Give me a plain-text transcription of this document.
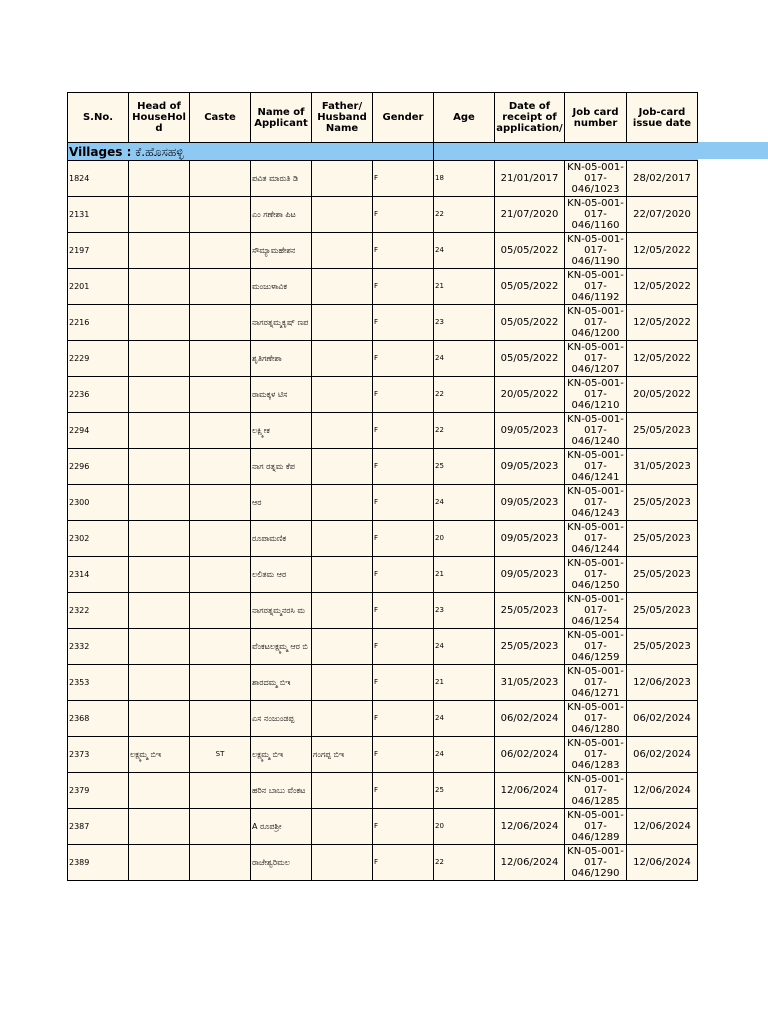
S.No.	Head of HouseHold	Caste	Name of Applicant	Father/ Husband Name	Gender	Age	Date of receipt of application/	Job card number	Job-card issue date
Villages : ಕೆ.ಹೊಸಹಳ್ಳಿ									
1824			ಪವಿತ ಮಾರುತಿ ಡಿ		F	18	21/01/2017	KN-05-001-017-046/1023	28/02/2017
2131			ಎಂ ಗಣೇಶಾ ಪಿಟ		F	22	21/07/2020	KN-05-001-017-046/1160	22/07/2020
2197			ಸೌಮ್ಯಾಮಹೇಶನ		F	24	05/05/2022	KN-05-001-017-046/1190	12/05/2022
2201			ಮಂಜುಳಾವಿಕ		F	21	05/05/2022	KN-05-001-017-046/1192	12/05/2022
2216			ನಾಗರತ್ನಮ್ಮಕೃಷ್ ಣಪ		F	23	05/05/2022	KN-05-001-017-046/1200	12/05/2022
2229			ಶೃತಿಗಣೇಶಾ		F	24	05/05/2022	KN-05-001-017-046/1207	12/05/2022
2236			ರಾಮಕ್ಕಳ ಟಿಸ		F	22	20/05/2022	KN-05-001-017-046/1210	20/05/2022
2294			ಲಕ್ಷ್ಮೀಕ		F	22	09/05/2023	KN-05-001-017-046/1240	25/05/2023
2296			ನಾಗ ರತ್ನಮ ಕೆಪ		F	25	09/05/2023	KN-05-001-017-046/1241	31/05/2023
2300			ಆರ		F	24	09/05/2023	KN-05-001-017-046/1243	25/05/2023
2302			ರೂಪಾಮಣಿಕ		F	20	09/05/2023	KN-05-001-017-046/1244	25/05/2023
2314			ಲಲಿತಮ ಆರ		F	21	09/05/2023	KN-05-001-017-046/1250	25/05/2023
2322			ನಾಗರತ್ನಮ್ಮನರಸಿ ಮ		F	23	25/05/2023	KN-05-001-017-046/1254	25/05/2023
2332			ವೆಂಕಟಲಕ್ಷ್ಮಮ್ಮ ಆರ ಬಿ		F	24	25/05/2023	KN-05-001-017-046/1259	25/05/2023
2353			ಶಾರದಮ್ಮ ಬಿಇ		F	21	31/05/2023	KN-05-001-017-046/1271	12/06/2023
2368			ಎಸ ನಂಜುಂಡಪ್ಪ		F	24	06/02/2024	KN-05-001-017-046/1280	06/02/2024
2373	ಲಕ್ಷ್ಮಮ್ಮ ಬಿಇ	ST	ಲಕ್ಷ್ಮಮ್ಮ ಬಿಇ	ಗಂಗಪ್ಪ ಬಿಇ	F	24	06/02/2024	KN-05-001-017-046/1283	06/02/2024
2379			ಹರಿನ ಬಾಬು ವೆಂಕಟ		F	25	12/06/2024	KN-05-001-017-046/1285	12/06/2024
2387			A ರೂಪಶ್ರೀ		F	20	12/06/2024	KN-05-001-017-046/1289	12/06/2024
2389			ರಾಜೇಶ್ವರಿಮಲ		F	22	12/06/2024	KN-05-001-017-046/1290	12/06/2024
